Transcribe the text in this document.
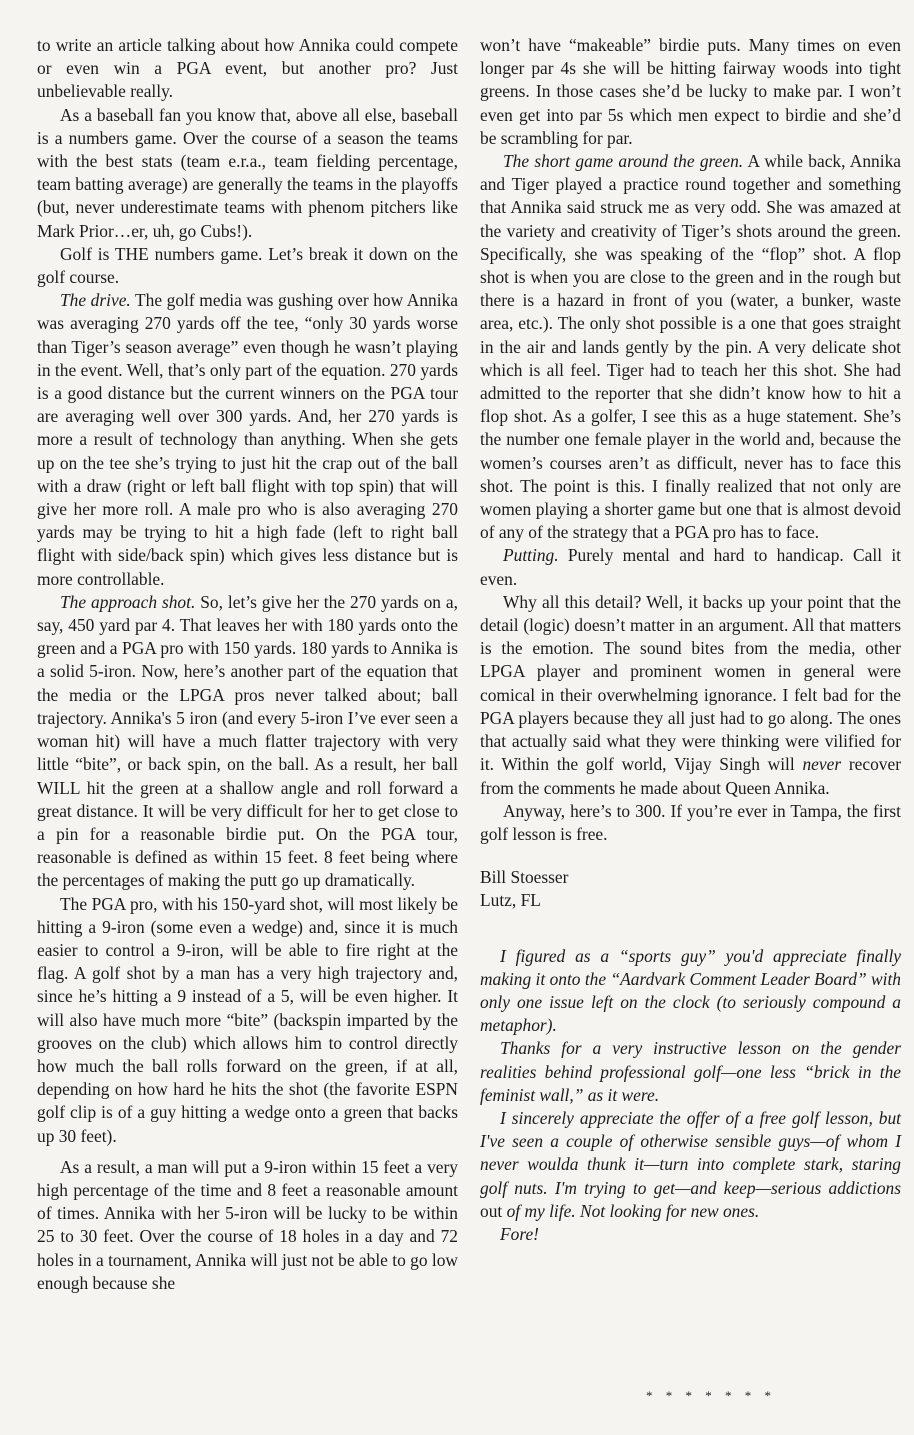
to write an article talking about how Annika could compete or even win a PGA event, but another pro? Just unbelievable really.

As a baseball fan you know that, above all else, baseball is a numbers game. Over the course of a season the teams with the best stats (team e.r.a., team fielding percentage, team batting average) are generally the teams in the playoffs (but, never underestimate teams with phenom pitchers like Mark Prior…er, uh, go Cubs!).

Golf is THE numbers game. Let’s break it down on the golf course.

The drive. The golf media was gushing over how Annika was averaging 270 yards off the tee, “only 30 yards worse than Tiger’s season average” even though he wasn’t playing in the event. Well, that’s only part of the equation. 270 yards is a good distance but the current winners on the PGA tour are averaging well over 300 yards. And, her 270 yards is more a result of technology than anything. When she gets up on the tee she’s trying to just hit the crap out of the ball with a draw (right or left ball flight with top spin) that will give her more roll. A male pro who is also averaging 270 yards may be trying to hit a high fade (left to right ball flight with side/back spin) which gives less distance but is more controllable.

The approach shot. So, let’s give her the 270 yards on a, say, 450 yard par 4. That leaves her with 180 yards onto the green and a PGA pro with 150 yards. 180 yards to Annika is a solid 5-iron. Now, here’s another part of the equation that the media or the LPGA pros never talked about; ball trajectory. Annika's 5 iron (and every 5-iron I’ve ever seen a woman hit) will have a much flatter trajectory with very little “bite”, or back spin, on the ball. As a result, her ball WILL hit the green at a shallow angle and roll forward a great distance. It will be very difficult for her to get close to a pin for a reasonable birdie put. On the PGA tour, reasonable is defined as within 15 feet. 8 feet being where the percentages of making the putt go up dramatically.

The PGA pro, with his 150-yard shot, will most likely be hitting a 9-iron (some even a wedge) and, since it is much easier to control a 9-iron, will be able to fire right at the flag. A golf shot by a man has a very high trajectory and, since he’s hitting a 9 instead of a 5, will be even higher. It will also have much more “bite” (backspin imparted by the grooves on the club) which allows him to control directly how much the ball rolls forward on the green, if at all, depending on how hard he hits the shot (the favorite ESPN golf clip is of a guy hitting a wedge onto a green that backs up 30 feet).

As a result, a man will put a 9-iron within 15 feet a very high percentage of the time and 8 feet a reasonable amount of times. Annika with her 5-iron will be lucky to be within 25 to 30 feet. Over the course of 18 holes in a day and 72 holes in a tournament, Annika will just not be able to go low enough because she

won’t have “makeable” birdie puts. Many times on even longer par 4s she will be hitting fairway woods into tight greens. In those cases she’d be lucky to make par. I won’t even get into par 5s which men expect to birdie and she’d be scrambling for par.

The short game around the green. A while back, Annika and Tiger played a practice round together and something that Annika said struck me as very odd. She was amazed at the variety and creativity of Tiger’s shots around the green. Specifically, she was speaking of the “flop” shot. A flop shot is when you are close to the green and in the rough but there is a hazard in front of you (water, a bunker, waste area, etc.). The only shot possible is a one that goes straight in the air and lands gently by the pin. A very delicate shot which is all feel. Tiger had to teach her this shot. She had admitted to the reporter that she didn’t know how to hit a flop shot. As a golfer, I see this as a huge statement. She’s the number one female player in the world and, because the women’s courses aren’t as difficult, never has to face this shot. The point is this. I finally realized that not only are women playing a shorter game but one that is almost devoid of any of the strategy that a PGA pro has to face.

Putting. Purely mental and hard to handicap. Call it even.

Why all this detail? Well, it backs up your point that the detail (logic) doesn’t matter in an argument. All that matters is the emotion. The sound bites from the media, other LPGA player and prominent women in general were comical in their overwhelming ignorance. I felt bad for the PGA players because they all just had to go along. The ones that actually said what they were thinking were vilified for it. Within the golf world, Vijay Singh will never recover from the comments he made about Queen Annika.

Anyway, here’s to 300. If you’re ever in Tampa, the first golf lesson is free.

Bill Stoesser
Lutz, FL

I figured as a “sports guy” you'd appreciate finally making it onto the “Aardvark Comment Leader Board” with only one issue left on the clock (to seriously compound a metaphor).

Thanks for a very instructive lesson on the gender realities behind professional golf—one less “brick in the feminist wall,” as it were.

I sincerely appreciate the offer of a free golf lesson, but I've seen a couple of otherwise sensible guys—of whom I never woulda thunk it—turn into complete stark, staring golf nuts. I'm trying to get—and keep—serious addictions out of my life. Not looking for new ones.

Fore!

* * * * * * *
